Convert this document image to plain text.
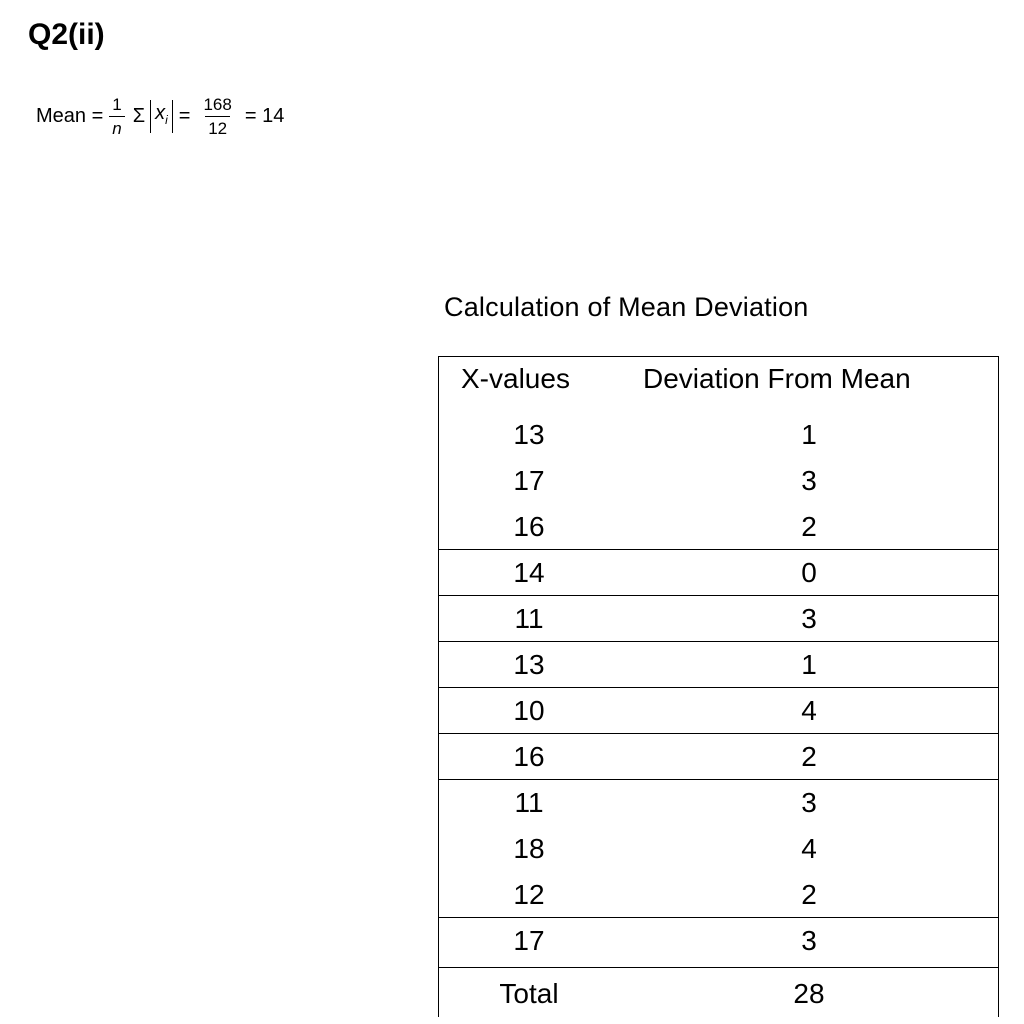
Q2(ii)
Mean = $\frac{1}{n}$ Σ $x_i = \frac{168}{12} = 14$
Calculation of Mean Deviation
X-values	Deviation From Mean
13	1
17	3
16	2
14	0
11	3
13	1
10	4
16	2
11	3
18	4
12	2
17	3
Total	28
